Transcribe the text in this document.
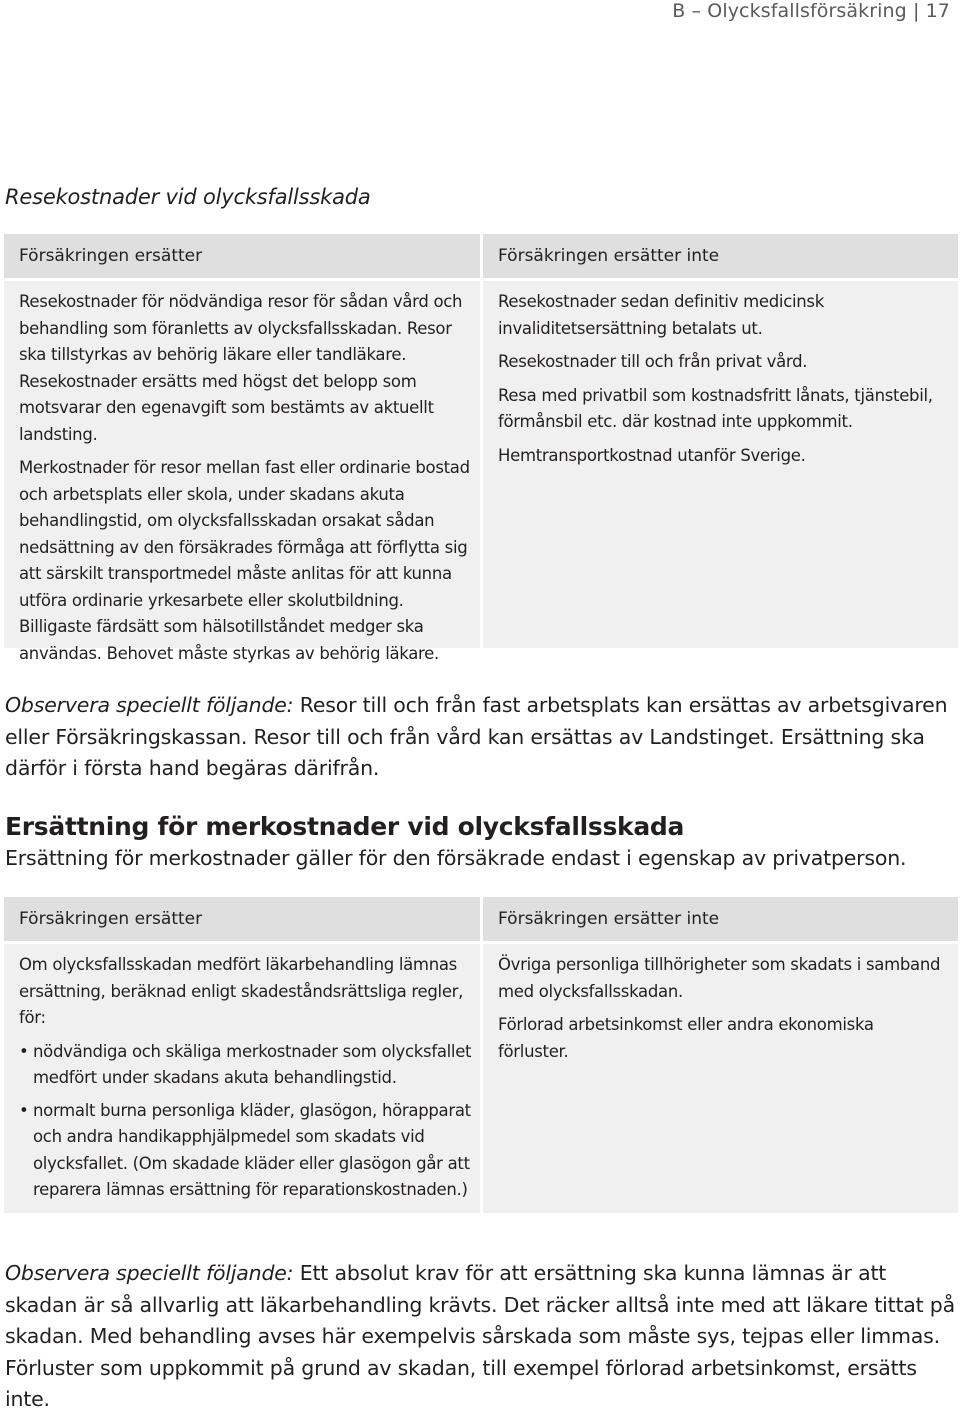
B – Olycksfallsförsäkring | 17
Resekostnader vid olycksfallsskada
Försäkringen ersätter	Försäkringen ersätter inte

Resekostnader för nödvändiga resor för sådan vård och behandling som föranletts av olycksfallsskadan. Resor ska tillstyrkas av behörig läkare eller tandläkare. Resekostnader ersätts med högst det belopp som motsvarar den egenavgift som bestämts av aktuellt landsting.

Merkostnader för resor mellan fast eller ordinarie bostad och arbetsplats eller skola, under skadans akuta behandlingstid, om olycksfallsskadan orsakat sådan nedsättning av den försäkrades förmåga att förflytta sig att särskilt transportmedel måste anlitas för att kunna utföra ordinarie yrkesarbete eller skolutbildning. Billigaste färdsätt som hälsotillståndet medger ska användas. Behovet måste styrkas av behörig läkare.

Resekostnader sedan definitiv medicinsk invaliditetsersättning betalats ut.

Resekostnader till och från privat vård.

Resa med privatbil som kostnadsfritt lånats, tjänstebil, förmånsbil etc. där kostnad inte uppkommit.

Hemtransportkostnad utanför Sverige.

Observera speciellt följande: Resor till och från fast arbetsplats kan ersättas av arbetsgivaren eller Försäkringskassan. Resor till och från vård kan ersättas av Landstinget. Ersättning ska därför i första hand begäras därifrån.
Ersättning för merkostnader vid olycksfallsskada
Ersättning för merkostnader gäller för den försäkrade endast i egenskap av privatperson.
Försäkringen ersätter	Försäkringen ersätter inte

Om olycksfallsskadan medfört läkarbehandling lämnas ersättning, beräknad enligt skadeståndsrättsliga regler, för:

• nödvändiga och skäliga merkostnader som olycksfallet medfört under skadans akuta behandlingstid.
• normalt burna personliga kläder, glasögon, hörapparat och andra handikapphjälpmedel som skadats vid olycksfallet. (Om skadade kläder eller glasögon går att reparera lämnas ersättning för reparationskostnaden.)

Övriga personliga tillhörigheter som skadats i samband med olycksfallsskadan.

Förlorad arbetsinkomst eller andra ekonomiska förluster.

Observera speciellt följande: Ett absolut krav för att ersättning ska kunna lämnas är att skadan är så allvarlig att läkarbehandling krävts. Det räcker alltså inte med att läkare tittat på skadan. Med behandling avses här exempelvis sårskada som måste sys, tejpas eller limmas. Förluster som uppkommit på grund av skadan, till exempel förlorad arbetsinkomst, ersätts inte.
